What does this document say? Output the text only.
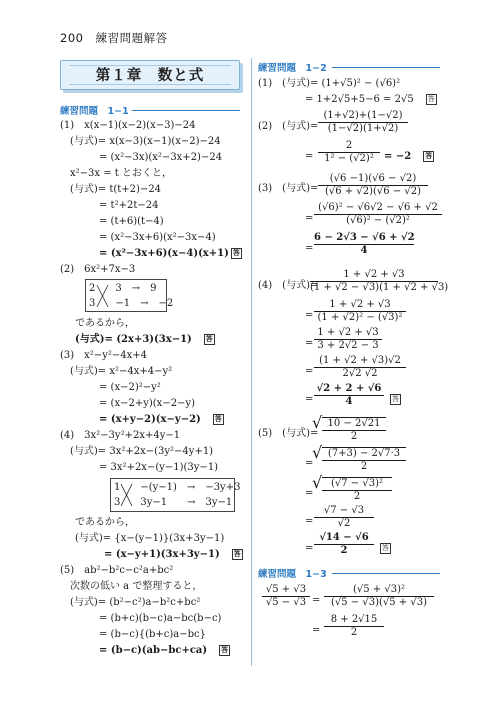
200 練習問題解答
第１章　数と式
練習問題　1−1
(1)　x(x−1)(x−2)(x−3)−24
(与式)= x(x−3)(x−1)(x−2)−24
= (x²−3x)(x²−3x+2)−24
x²−3x = t とおくと，
(与式)= t(t+2)−24
= t²+2t−24
= (t+6)(t−4)
= (x²−3x+6)(x²−3x−4)
= (x²−3x+6)(x−4)(x+1) 答
(2)　6x²+7x−3
2　　3　→　9
3　　−1　→　−2
であるから，
(与式)= (2x+3)(3x−1)　 答
(3)　x²−y²−4x+4
(与式)= x²−4x+4−y²
= (x−2)²−y²
= (x−2+y)(x−2−y)
= (x+y−2)(x−y−2)　 答
(4)　3x²−3y²+2x+4y−1
(与式)= 3x²+2x−(3y²−4y+1)
= 3x²+2x−(y−1)(3y−1)
1　　−(y−1)　→　−3y+3
3　　3y−1　　→　3y−1
であるから，
(与式)= {x−(y−1)}(3x+3y−1)
= (x−y+1)(3x+3y−1)　 答
(5)　ab²−b²c−c²a+bc²
次数の低い a で整理すると，
(与式)= (b²−c²)a−b²c+bc²
= (b+c)(b−c)a−bc(b−c)
= (b−c){(b+c)a−bc}
= (b−c)(ab−bc+ca)　 答
練習問題　1−2
(1)　(与式)= (1+√5)² − (√6)²
= 1+2√5+5−6 = 2√5　 答
(2)　(与式)= $\frac{(1+√2)+(1-√2)}{(1-√2)(1+√2)}$
= $\frac{2}{\text{1² − (√2)²}} = -2$　 答
(3)　(与式)= $\frac{(√6 -1)(√6 - √2)}{(√6 + √2)(√6 - √2)}$
= $\frac{\text{(√6)² − √6√2 − √6 + √2}}{\text{(√6)² − (√2)²}}$
= $\frac{6 - 2√3 - √6 + √2}{4}$
(4)　(与式)=
$\frac{1 + √2 + √3}{(1 + √2 - √3)(1 + √2 + √3)}$
= $\frac{1 + √2 + √3}{\text{(1 + √2)² − (√3)²}}$
= $\frac{1 + √2 + √3}{3 + 2√2 - 3}$
= $\frac{(1 + √2 + √3)√2}{2√2 √2}$
= $\frac{√2 + 2 + √6}{4}$	答
(5)　(与式)= $\frac{10 - 2√21}{2}$
√
=
√ $\frac{(7+3) - 2√7\cdot 3}{2}$
=
√ $\frac{\text{(√7 − √3)²}}{2}$
= $\frac{√7 - √3}{√2}$
= $\frac{√14 - √6}{2}$	答
練習問題　1−3
$\frac{√5 + √3}{√5 - √3} = \frac{\text{(√5 + √3)²}}{(√5 - √3)(√5 + √3)}$
= $\frac{8 + 2√15}{2}$
